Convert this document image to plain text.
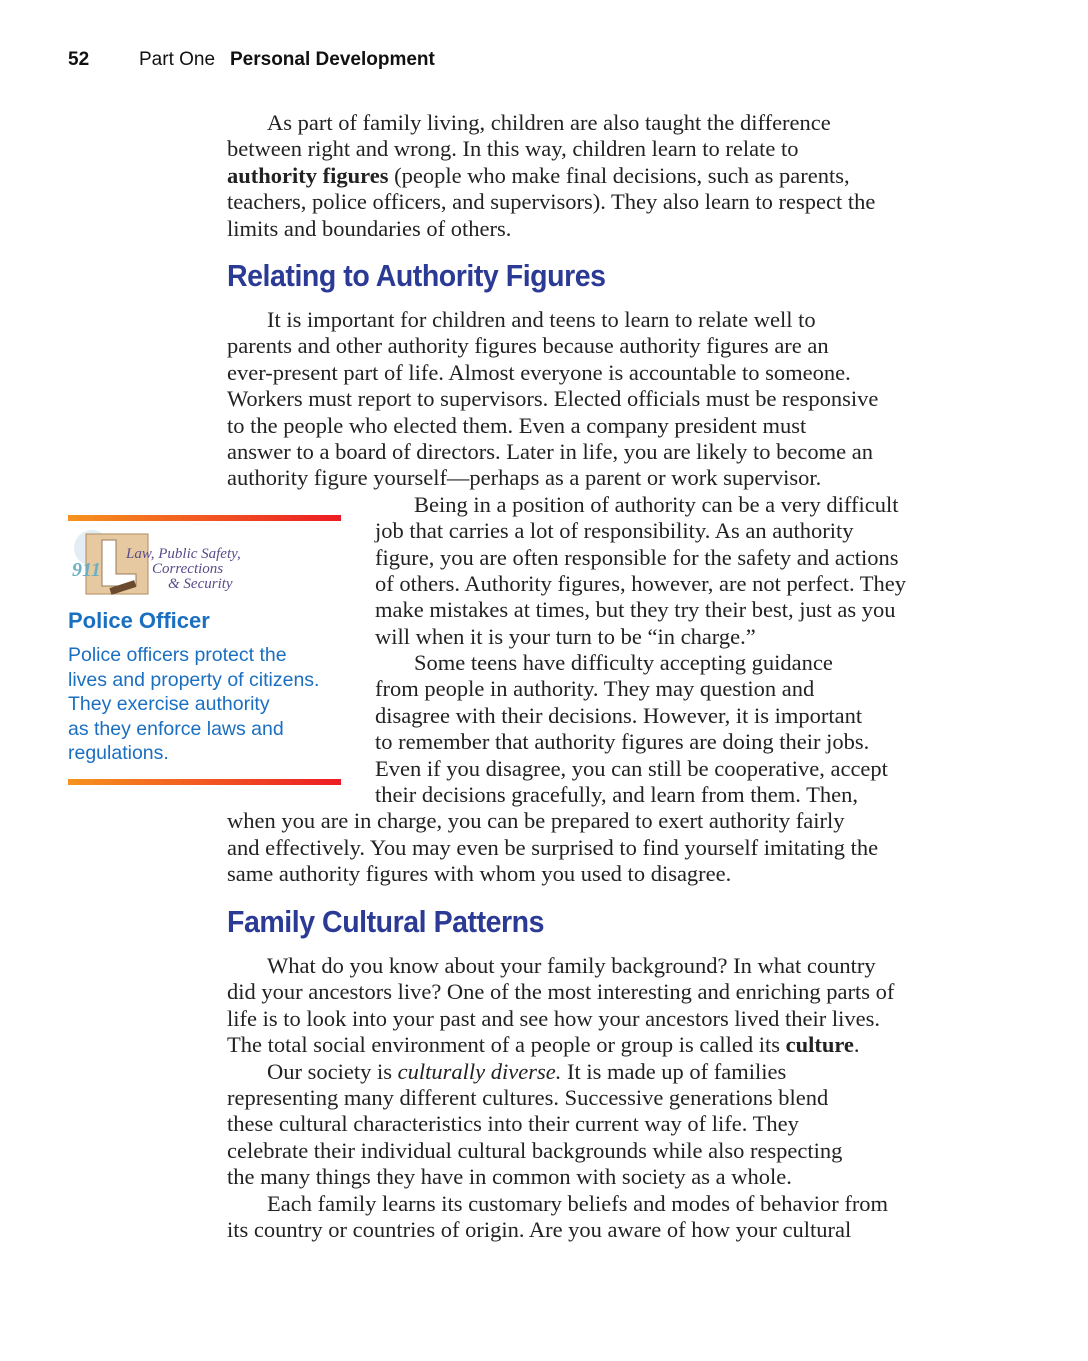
52	Part One Personal Development
As part of family living, children are also taught the difference
between right and wrong. In this way, children learn to relate to
authority figures (people who make final decisions, such as parents,
teachers, police officers, and supervisors). They also learn to respect the
limits and boundaries of others.
Relating to Authority Figures
It is important for children and teens to learn to relate well to
parents and other authority figures because authority figures are an
ever-present part of life. Almost everyone is accountable to someone.
Workers must report to supervisors. Elected officials must be responsive
to the people who elected them. Even a company president must
answer to a board of directors. Later in life, you are likely to become an
authority figure yourself—perhaps as a parent or work supervisor.
Being in a position of authority can be a very difficult
job that carries a lot of responsibility. As an authority
figure, you are often responsible for the safety and actions
of others. Authority figures, however, are not perfect. They
make mistakes at times, but they try their best, just as you
will when it is your turn to be “in charge.”
Some teens have difficulty accepting guidance
from people in authority. They may question and
disagree with their decisions. However, it is important
to remember that authority figures are doing their jobs.
Even if you disagree, you can still be cooperative, accept
their decisions gracefully, and learn from them. Then,
when you are in charge, you can be prepared to exert authority fairly
and effectively. You may even be surprised to find yourself imitating the
same authority figures with whom you used to disagree.
Family Cultural Patterns
What do you know about your family background? In what country
did your ancestors live? One of the most interesting and enriching parts of
life is to look into your past and see how your ancestors lived their lives.
The total social environment of a people or group is called its culture.
Our society is culturally diverse. It is made up of families
representing many different cultures. Successive generations blend
these cultural characteristics into their current way of life. They
celebrate their individual cultural backgrounds while also respecting
the many things they have in common with society as a whole.
Each family learns its customary beliefs and modes of behavior from
its country or countries of origin. Are you aware of how your cultural
911
Law, Public Safety,
Corrections
& Security
Police Officer
Police officers protect the
lives and property of citizens.
They exercise authority
as they enforce laws and
regulations.
